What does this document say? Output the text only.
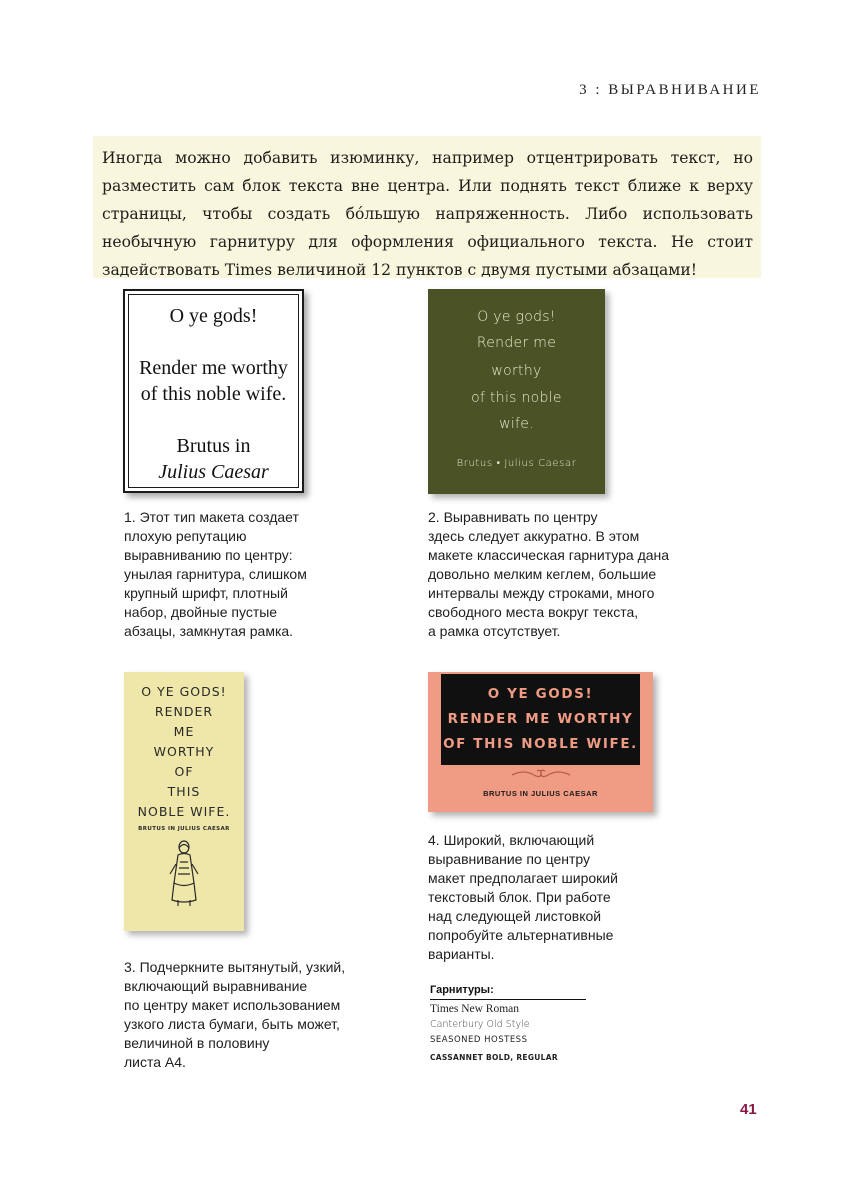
3 : ВЫРАВНИВАНИЕ
Иногда можно добавить изюминку, например отцентрировать текст, но разместить сам блок текста вне центра. Или поднять текст ближе к верху страницы, чтобы создать бóльшую напряженность. Либо использовать необычную гарнитуру для оформления официального текста. Не стоит задействовать Times величиной 12 пунктов с двумя пустыми абзацами!
O ye gods!
Render me worthy
of this noble wife.
Brutus in
Julius Caesar
1. Этот тип макета создает
плохую репутацию
выравниванию по центру:
унылая гарнитура, слишком
крупный шрифт, плотный
набор, двойные пустые
абзацы, замкнутая рамка.
O ye gods!
Render me
worthy
of this noble
wife.
Brutus • Julius Caesar
2. Выравнивать по центру
здесь следует аккуратно. В этом
макете классическая гарнитура дана
довольно мелким кеглем, большие
интервалы между строками, много
свободного места вокруг текста,
а рамка отсутствует.
O YE GODS!
RENDER
ME
WORTHY
OF
THIS
NOBLE WIFE.
BRUTUS IN JULIUS CAESAR
3. Подчеркните вытянутый, узкий,
включающий выравнивание
по центру макет использованием
узкого листа бумаги, быть может,
величиной в половину
листа А4.
O YE GODS!
RENDER ME WORTHY
OF THIS NOBLE WIFE.
BRUTUS IN JULIUS CAESAR
4. Широкий, включающий
выравнивание по центру
макет предполагает широкий
текстовый блок. При работе
над следующей листовкой
попробуйте альтернативные
варианты.
Гарнитуры:
Times New Roman
Canterbury Old Style
SEASONED HOSTESS
CASSANNET BOLD, REGULAR
41
